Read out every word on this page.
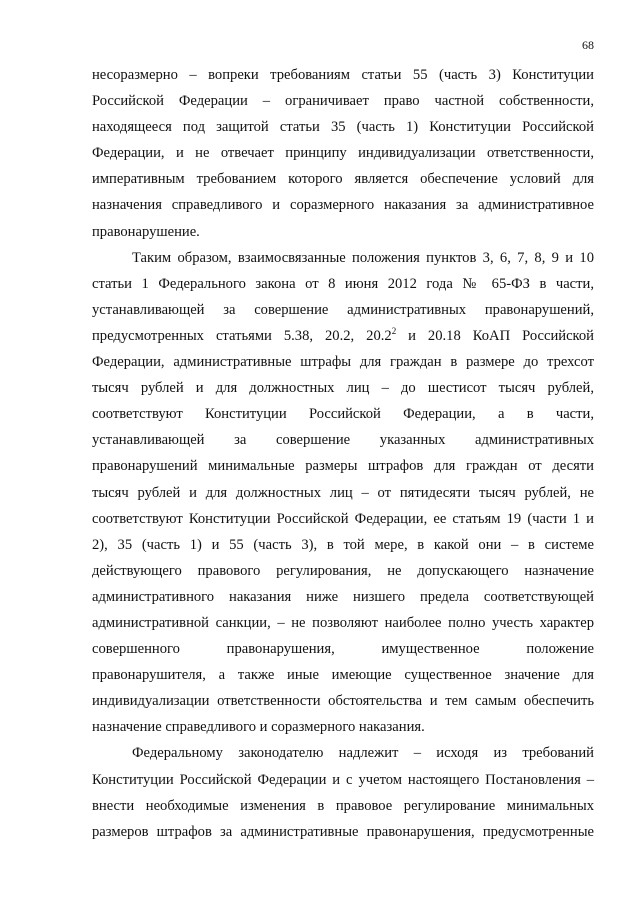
68
несоразмерно – вопреки требованиям статьи 55 (часть 3) Конституции
Российской Федерации – ограничивает право частной собственности,
находящееся под защитой статьи 35 (часть 1) Конституции Российской
Федерации, и не отвечает принципу индивидуализации ответственности,
императивным требованием которого является обеспечение условий для
назначения справедливого и соразмерного наказания за административное
правонарушение.
Таким образом, взаимосвязанные положения пунктов 3, 6, 7, 8, 9 и 10
статьи 1 Федерального закона от 8 июня 2012 года № 65-ФЗ в части,
устанавливающей за совершение административных правонарушений,
предусмотренных статьями 5.38, 20.2, 20.2$^2$ и 20.18 КоАП Российской
Федерации, административные штрафы для граждан в размере до трехсот
тысяч рублей и для должностных лиц – до шестисот тысяч рублей,
соответствуют Конституции Российской Федерации, а в части,
устанавливающей за совершение указанных административных
правонарушений минимальные размеры штрафов для граждан от десяти
тысяч рублей и для должностных лиц – от пятидесяти тысяч рублей, не
соответствуют Конституции Российской Федерации, ее статьям 19 (части 1 и
2), 35 (часть 1) и 55 (часть 3), в той мере, в какой они – в системе
действующего правового регулирования, не допускающего назначение
административного наказания ниже низшего предела соответствующей
административной санкции, – не позволяют наиболее полно учесть характер
совершенного правонарушения, имущественное положение
правонарушителя, а также иные имеющие существенное значение для
индивидуализации ответственности обстоятельства и тем самым обеспечить
назначение справедливого и соразмерного наказания.
Федеральному законодателю надлежит – исходя из требований
Конституции Российской Федерации и с учетом настоящего Постановления –
внести необходимые изменения в правовое регулирование минимальных
размеров штрафов за административные правонарушения, предусмотренные
